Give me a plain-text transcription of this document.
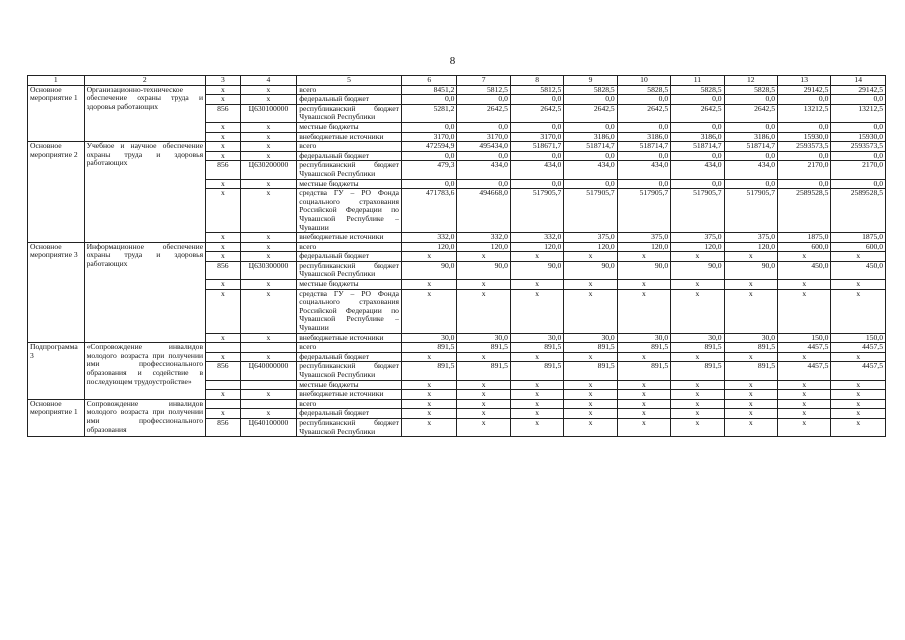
8
1	2	3	4	5	6	7	8	9	10	11	12	13	14
Основное мероприятие 1	Организационно-техническое обеспечение охраны труда и здоровья работающих	x	x	всего	8451,2	5812,5	5812,5	5828,5	5828,5	5828,5	5828,5	29142,5	29142,5
		x	x	федеральный бюджет	0,0	0,0	0,0	0,0	0,0	0,0	0,0	0,0	0,0
		856	Ц630100000	республиканский бюджет Чувашской Республики	5281,2	2642,5	2642,5	2642,5	2642,5	2642,5	2642,5	13212,5	13212,5
		x	x	местные бюджеты	0,0	0,0	0,0	0,0	0,0	0,0	0,0	0,0	0,0
		x	x	внебюджетные источники	3170,0	3170,0	3170,0	3186,0	3186,0	3186,0	3186,0	15930,0	15930,0
Основное мероприятие 2	Учебное и научное обеспечение охраны труда и здоровья работающих	x	x	всего	472594,9	495434,0	518671,7	518714,7	518714,7	518714,7	518714,7	2593573,5	2593573,5
		x	x	федеральный бюджет	0,0	0,0	0,0	0,0	0,0	0,0	0,0	0,0	0,0
		856	Ц630200000	республиканский бюджет Чувашской Республики	479,3	434,0	434,0	434,0	434,0	434,0	434,0	2170,0	2170,0
		x	x	местные бюджеты	0,0	0,0	0,0	0,0	0,0	0,0	0,0	0,0	0,0
		x	x	средства ГУ – РО Фонда социального страхования Российской Федерации по Чувашской Республике – Чувашии	471783,6	494668,0	517905,7	517905,7	517905,7	517905,7	517905,7	2589528,5	2589528,5
		x	x	внебюджетные источники	332,0	332,0	332,0	375,0	375,0	375,0	375,0	1875,0	1875,0
Основное мероприятие 3	Информационное обеспечение охраны труда и здоровья работающих	x	x	всего	120,0	120,0	120,0	120,0	120,0	120,0	120,0	600,0	600,0
		x	x	федеральный бюджет	x	x	x	x	x	x	x	x	x
		856	Ц630300000	республиканский бюджет Чувашской Республики	90,0	90,0	90,0	90,0	90,0	90,0	90,0	450,0	450,0
		x	x	местные бюджеты	x	x	x	x	x	x	x	x	x
		x	x	средства ГУ – РО Фонда социального страхования Российской Федерации по Чувашской Республике – Чувашии	x	x	x	x	x	x	x	x	x
		x	x	внебюджетные источники	30,0	30,0	30,0	30,0	30,0	30,0	30,0	150,0	150,0
Подпрограмма 3	«Сопровождение инвалидов молодого возраста при получении ими профессионального образования и содействие в последующем трудоустройстве»			всего	891,5	891,5	891,5	891,5	891,5	891,5	891,5	4457,5	4457,5
		x	x	федеральный бюджет	x	x	x	x	x	x	x	x	x
		856	Ц640000000	республиканский бюджет Чувашской Республики	891,5	891,5	891,5	891,5	891,5	891,5	891,5	4457,5	4457,5
				местные бюджеты	x	x	x	x	x	x	x	x	x
		x	x	внебюджетные источники	x	x	x	x	x	x	x	x	x
Основное мероприятие 1	Сопровождение инвалидов молодого возраста при получении ими профессионального образования			всего	x	x	x	x	x	x	x	x	x
		x	x	федеральный бюджет	x	x	x	x	x	x	x	x	x
		856	Ц640100000	республиканский бюджет Чувашской Республики	x	x	x	x	x	x	x	x	x
